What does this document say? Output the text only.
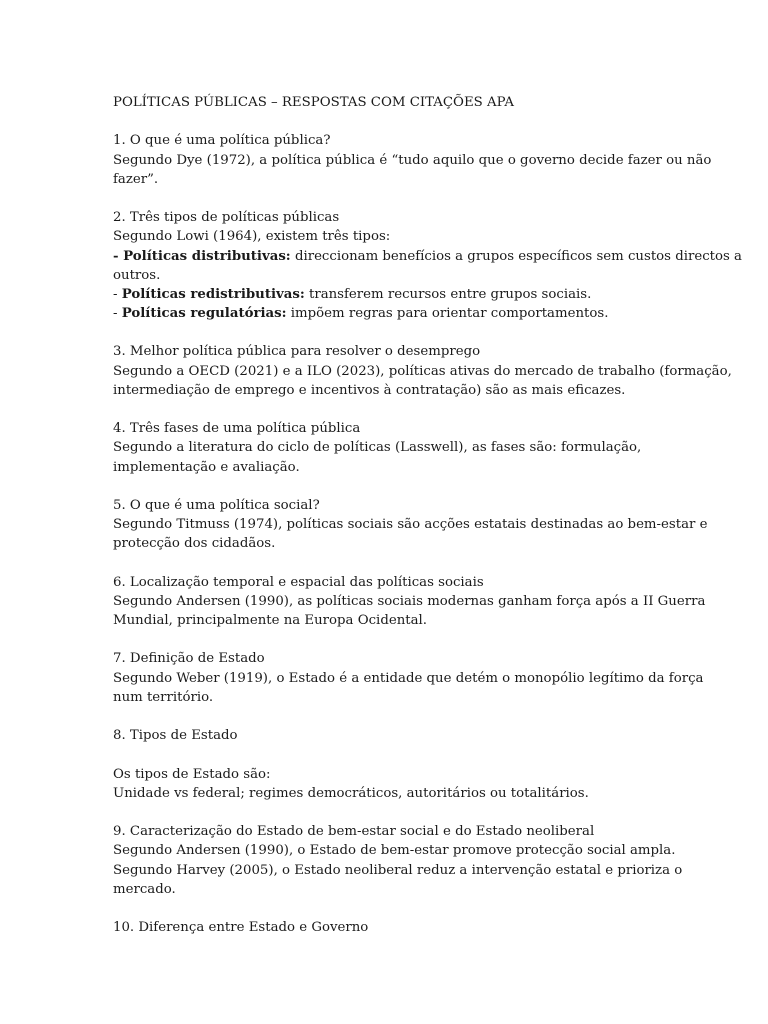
POLÍTICAS PÚBLICAS – RESPOSTAS COM CITAÇÕES APA
1. O que é uma política pública?
Segundo Dye (1972), a política pública é “tudo aquilo que o governo decide fazer ou não
fazer”.
2. Três tipos de políticas públicas
Segundo Lowi (1964), existem três tipos:
- Políticas distributivas: direccionam benefícios a grupos específicos sem custos directos a
outros.
- Políticas redistributivas: transferem recursos entre grupos sociais.
- Políticas regulatórias: impõem regras para orientar comportamentos.
3. Melhor política pública para resolver o desemprego
Segundo a OECD (2021) e a ILO (2023), políticas ativas do mercado de trabalho (formação,
intermediação de emprego e incentivos à contratação) são as mais eficazes.
4. Três fases de uma política pública
Segundo a literatura do ciclo de políticas (Lasswell), as fases são: formulação,
implementação e avaliação.
5. O que é uma política social?
Segundo Titmuss (1974), políticas sociais são acções estatais destinadas ao bem-estar e
protecção dos cidadãos.
6. Localização temporal e espacial das políticas sociais
Segundo Andersen (1990), as políticas sociais modernas ganham força após a II Guerra
Mundial, principalmente na Europa Ocidental.
7. Definição de Estado
Segundo Weber (1919), o Estado é a entidade que detém o monopólio legítimo da força
num território.
8. Tipos de Estado
Os tipos de Estado são:
Unidade vs federal; regimes democráticos, autoritários ou totalitários.
9. Caracterização do Estado de bem-estar social e do Estado neoliberal
Segundo Andersen (1990), o Estado de bem-estar promove protecção social ampla.
Segundo Harvey (2005), o Estado neoliberal reduz a intervenção estatal e prioriza o
mercado.
10. Diferença entre Estado e Governo
